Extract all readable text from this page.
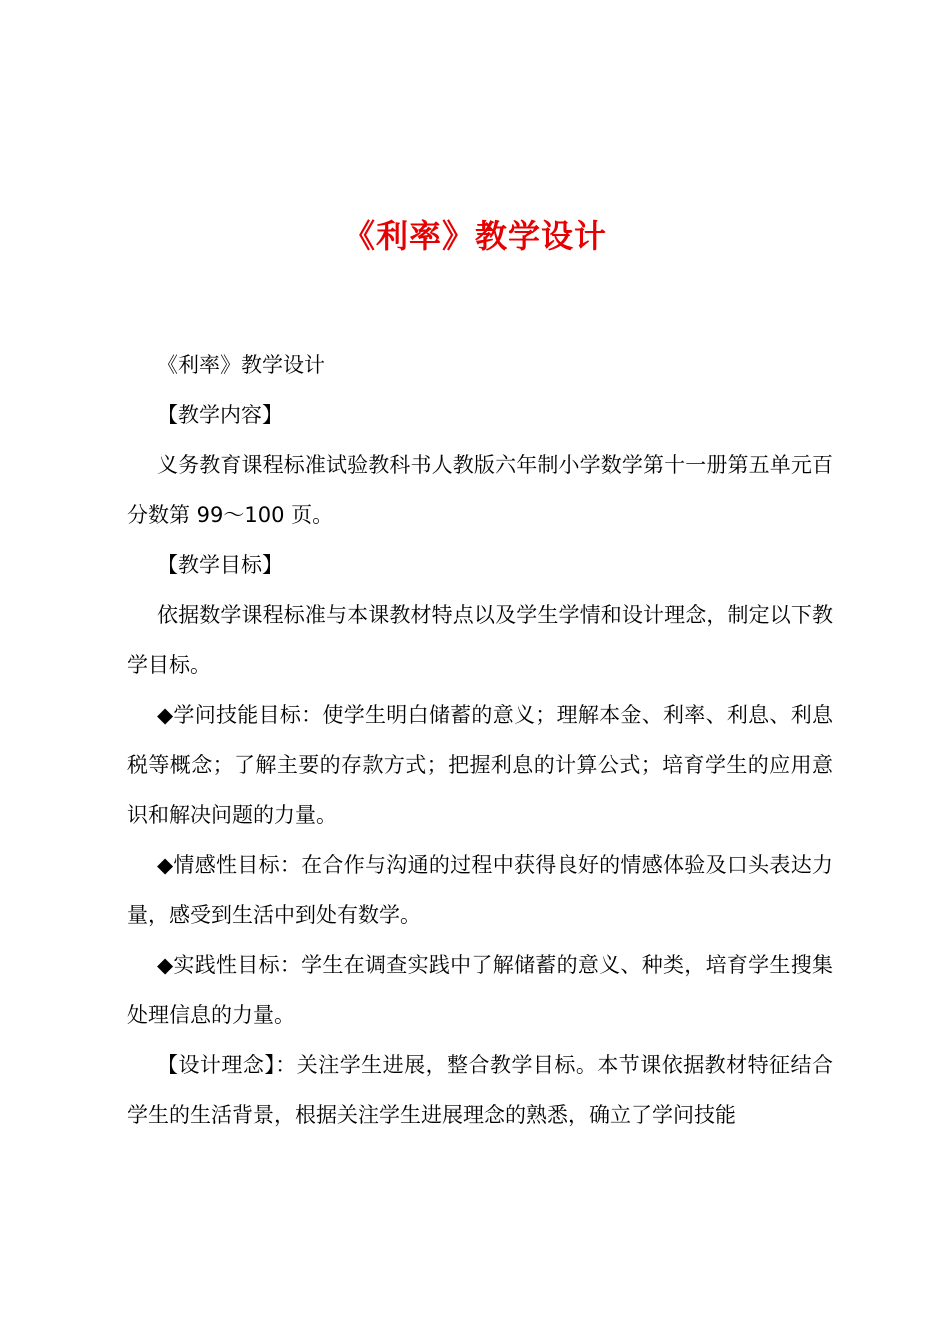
《利率》教学设计

《利率》教学设计

【教学内容】

义务教育课程标准试验教科书人教版六年制小学数学第十一册第五单元百分数第 99～100 页。

【教学目标】

依据数学课程标准与本课教材特点以及学生学情和设计理念，制定以下教学目标。

◆学问技能目标：使学生明白储蓄的意义；理解本金、利率、利息、利息税等概念；了解主要的存款方式；把握利息的计算公式；培育学生的应用意识和解决问题的力量。

◆情感性目标：在合作与沟通的过程中获得良好的情感体验及口头表达力量，感受到生活中到处有数学。

◆实践性目标：学生在调查实践中了解储蓄的意义、种类，培育学生搜集处理信息的力量。

【设计理念】：关注学生进展，整合教学目标。本节课依据教材特征结合学生的生活背景，根据关注学生进展理念的熟悉，确立了学问技能
